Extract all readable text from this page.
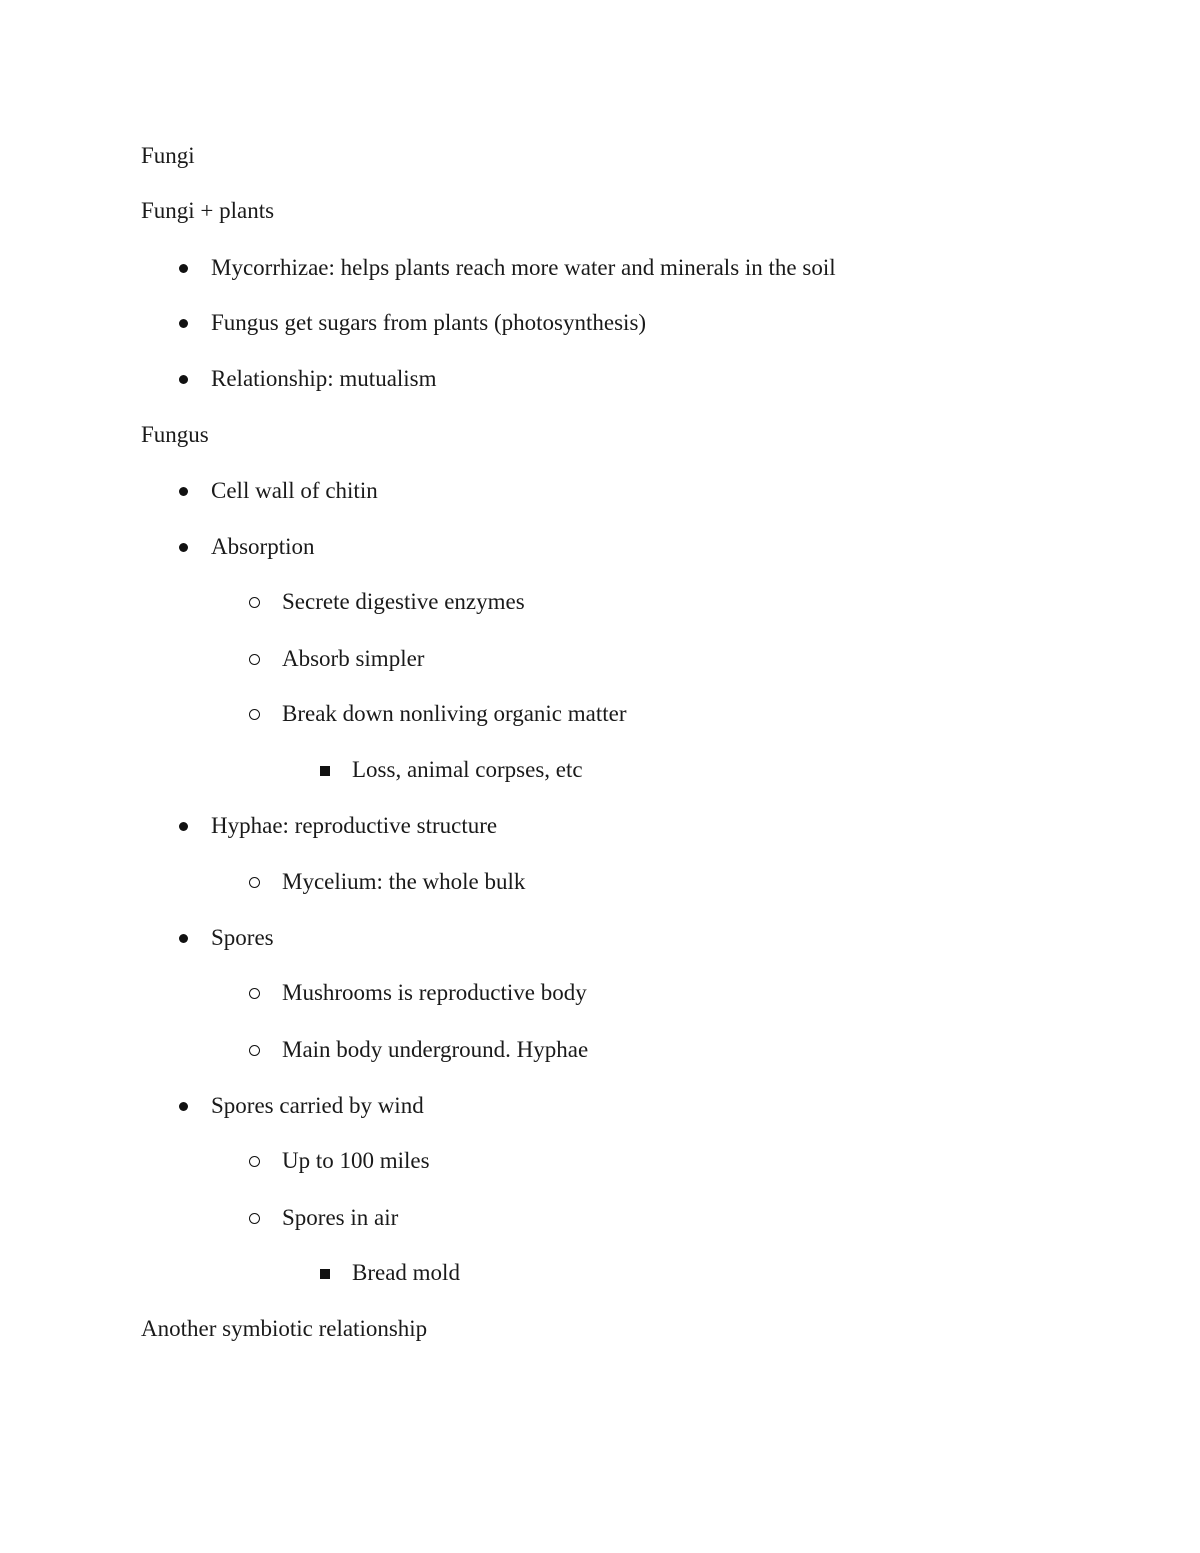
Fungi
Fungi + plants
Mycorrhizae: helps plants reach more water and minerals in the soil
Fungus get sugars from plants (photosynthesis)
Relationship: mutualism
Fungus
Cell wall of chitin
Absorption
Secrete digestive enzymes
Absorb simpler
Break down nonliving organic matter
Loss, animal corpses, etc
Hyphae: reproductive structure
Mycelium: the whole bulk
Spores
Mushrooms is reproductive body
Main body underground. Hyphae
Spores carried by wind
Up to 100 miles
Spores in air
Bread mold
Another symbiotic relationship
